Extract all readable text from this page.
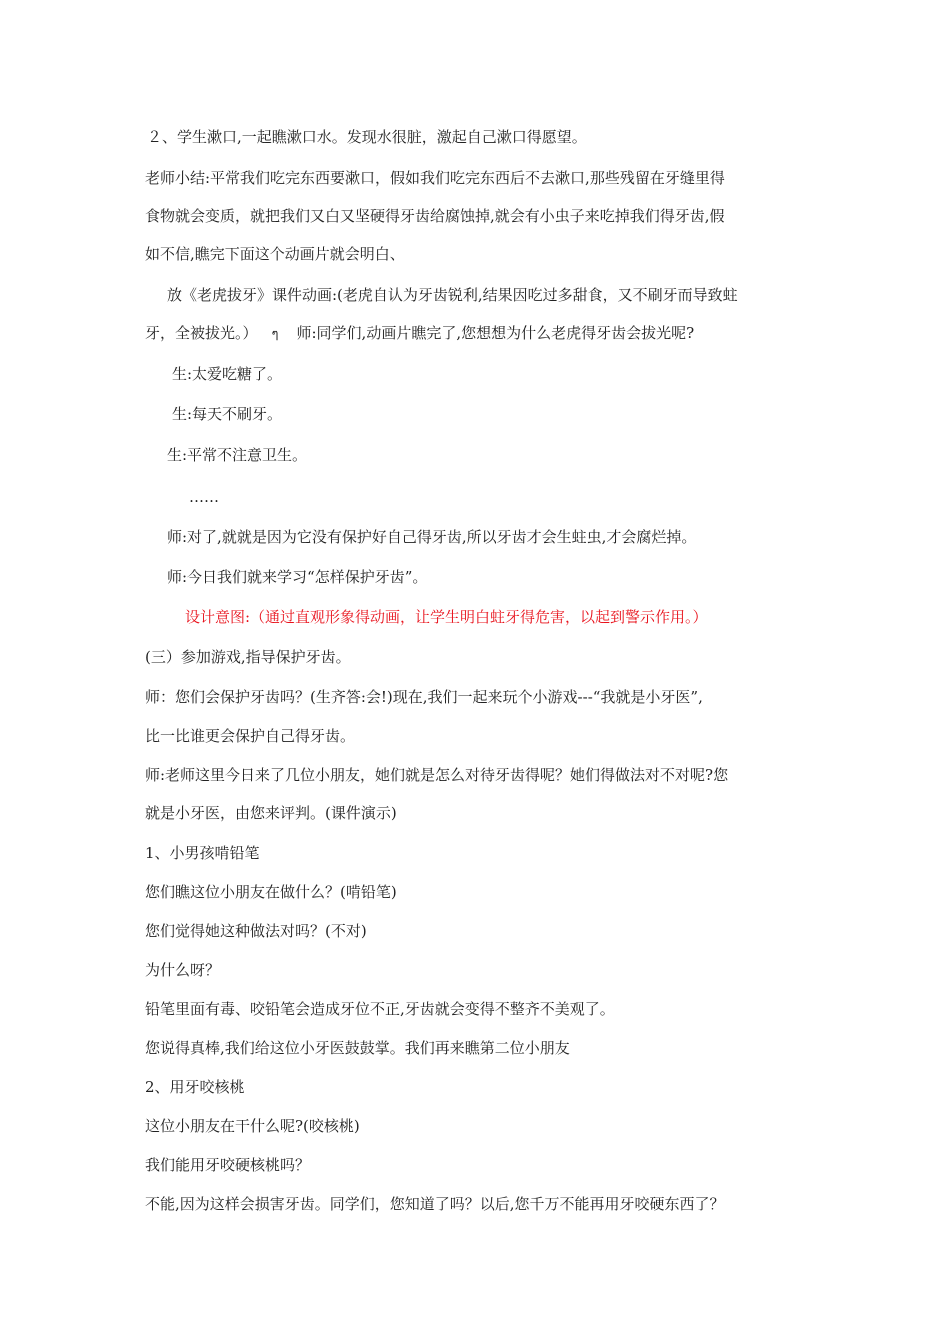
２、学生漱口,一起瞧漱口水。发现水很脏，激起自己漱口得愿望。
老师小结:平常我们吃完东西要漱口，假如我们吃完东西后不去漱口,那些残留在牙缝里得
食物就会变质，就把我们又白又坚硬得牙齿给腐蚀掉,就会有小虫子来吃掉我们得牙齿,假
如不信,瞧完下面这个动画片就会明白、
放《老虎拔牙》课件动画:(老虎自认为牙齿锐利,结果因吃过多甜食，又不刷牙而导致蛀
牙，全被拔光。） ๆ 师:同学们,动画片瞧完了,您想想为什么老虎得牙齿会拔光呢?
生:太爱吃糖了。
生:每天不刷牙。
生:平常不注意卫生。
……
师:对了,就就是因为它没有保护好自己得牙齿,所以牙齿才会生蛀虫,才会腐烂掉。
师:今日我们就来学习“怎样保护牙齿”。
设计意图:（通过直观形象得动画，让学生明白蛀牙得危害，以起到警示作用。）
(三）参加游戏,指导保护牙齿。
师：您们会保护牙齿吗？(生齐答:会!)现在,我们一起来玩个小游戏---“我就是小牙医”,
比一比谁更会保护自己得牙齿。
师:老师这里今日来了几位小朋友，她们就是怎么对待牙齿得呢？她们得做法对不对呢?您
就是小牙医，由您来评判。(课件演示)
1、小男孩啃铅笔
您们瞧这位小朋友在做什么？(啃铅笔)
您们觉得她这种做法对吗？(不对)
为什么呀？
铅笔里面有毒、咬铅笔会造成牙位不正,牙齿就会变得不整齐不美观了。
您说得真棒,我们给这位小牙医鼓鼓掌。我们再来瞧第二位小朋友
2、用牙咬核桃
这位小朋友在干什么呢?(咬核桃)
我们能用牙咬硬核桃吗？
不能,因为这样会损害牙齿。同学们，您知道了吗？以后,您千万不能再用牙咬硬东西了？
